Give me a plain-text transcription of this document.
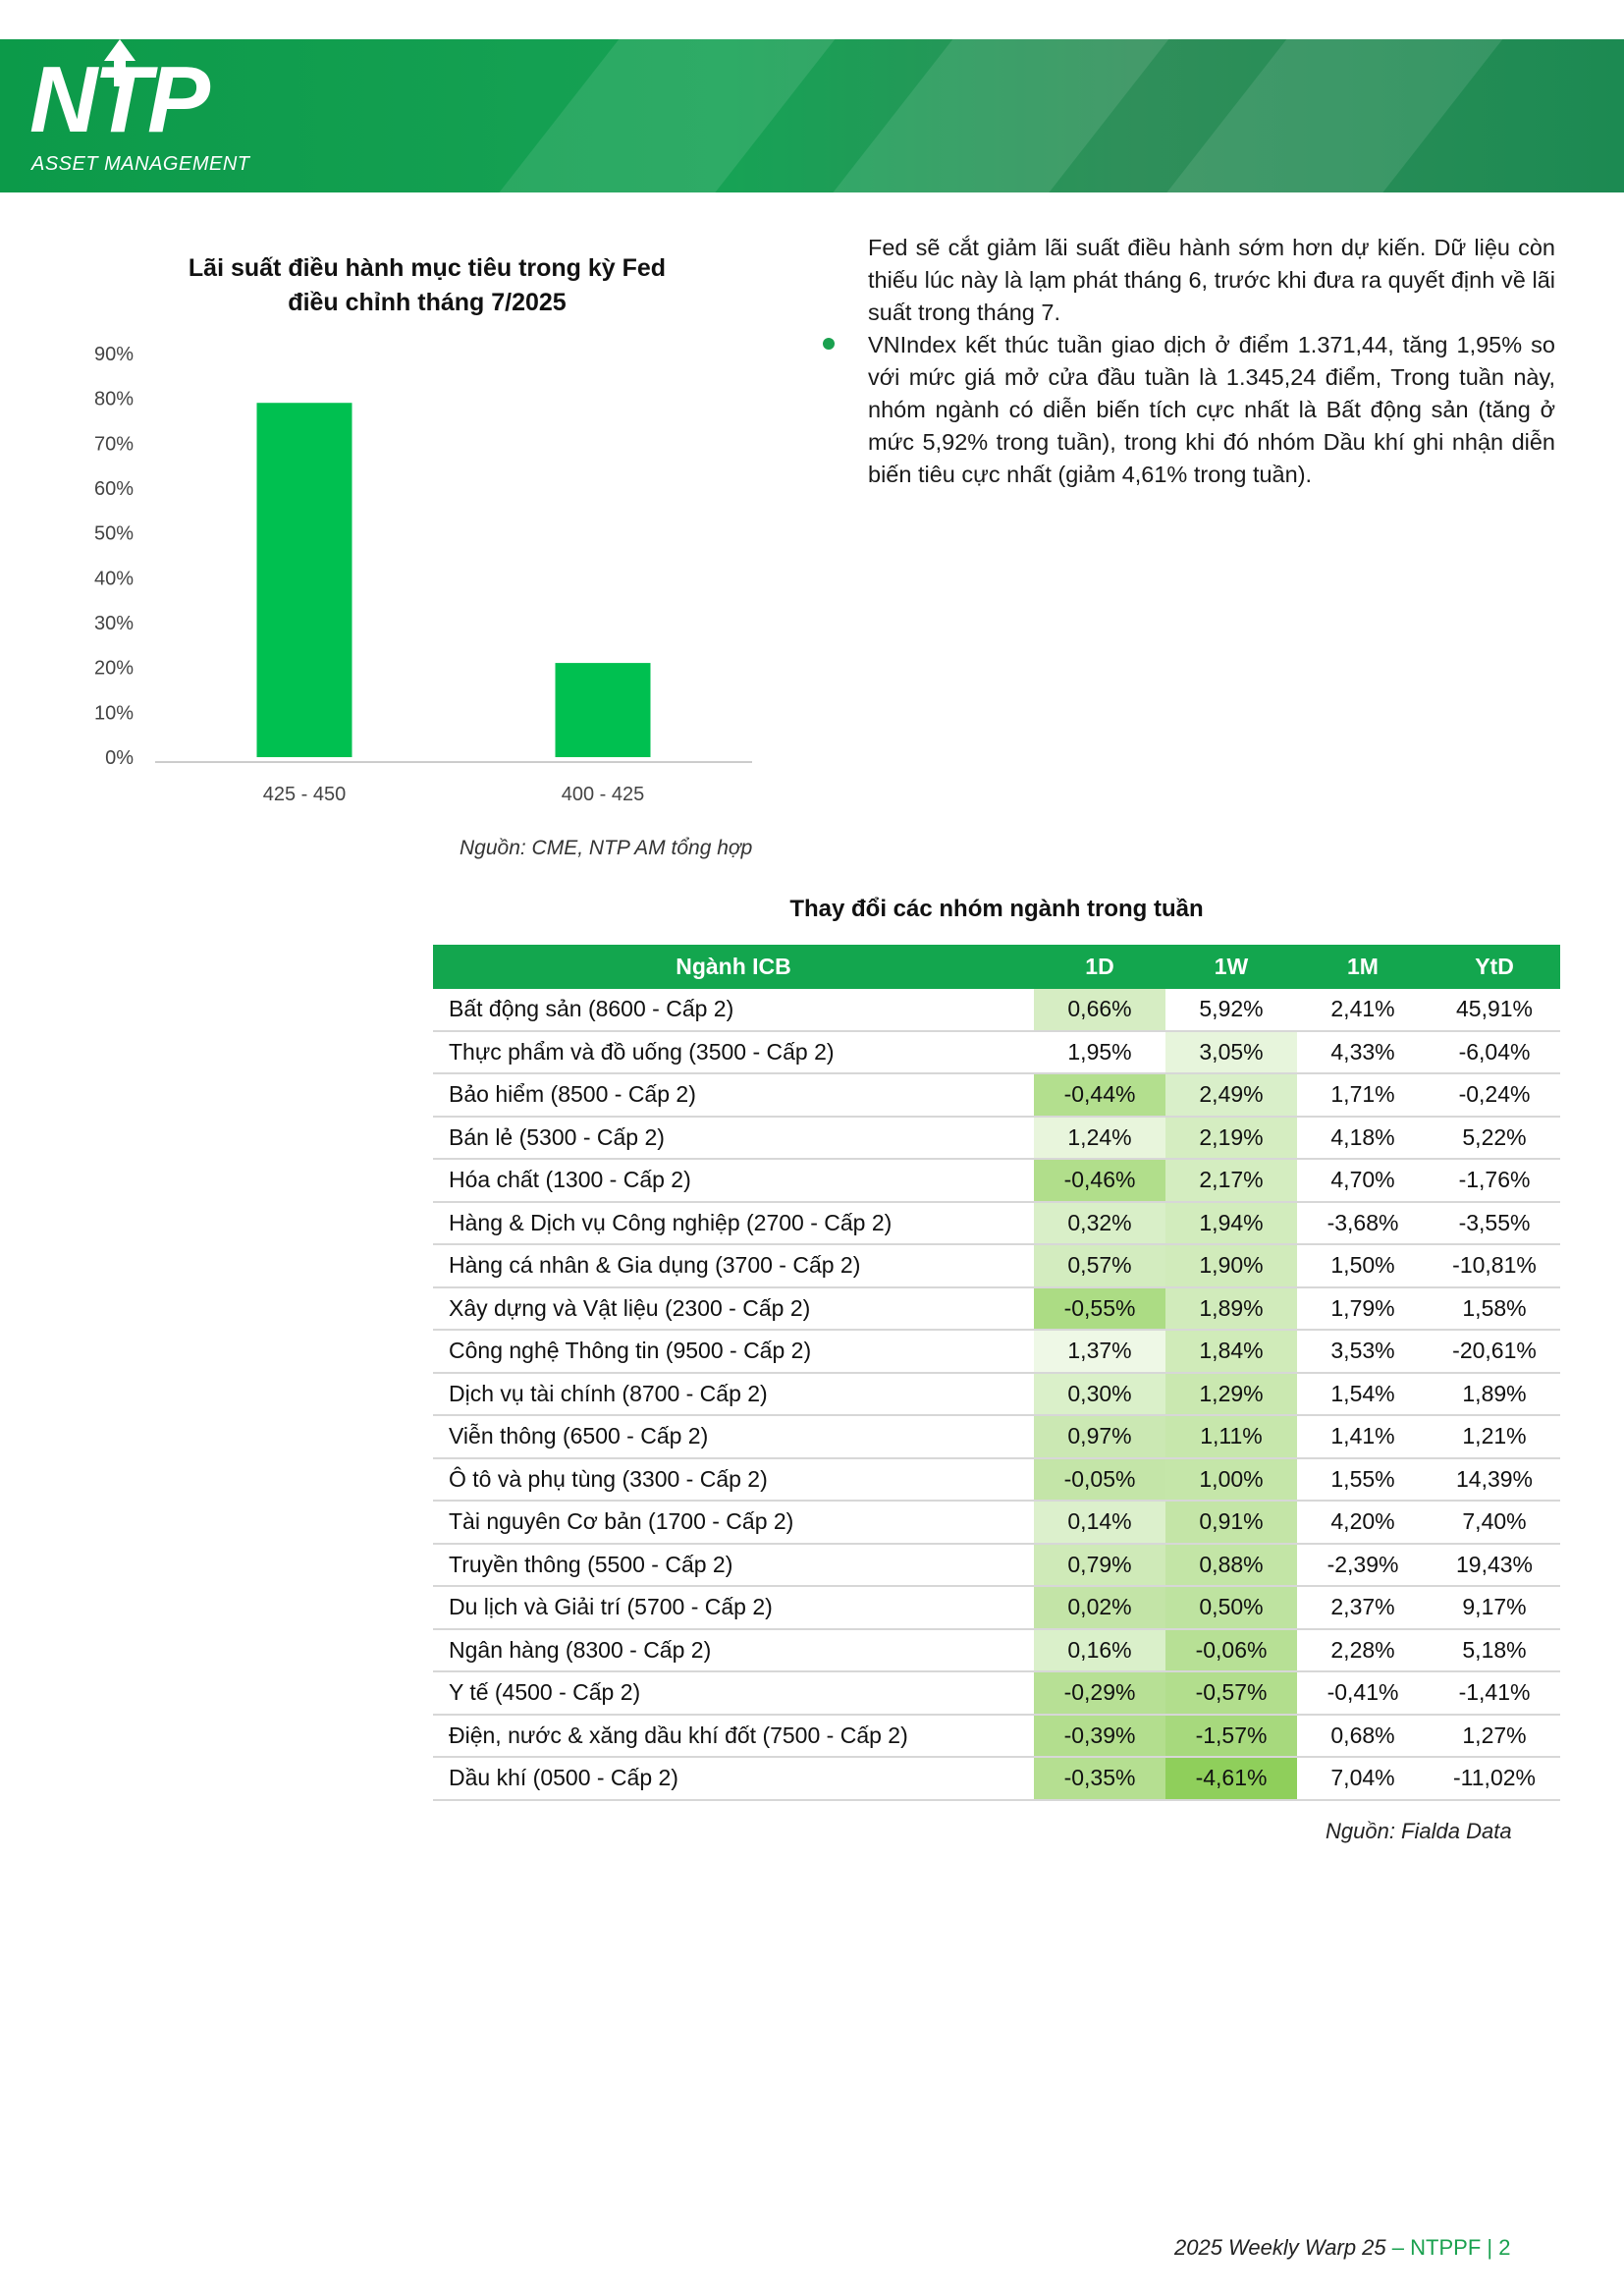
NTP
ASSET MANAGEMENT
Lãi suất điều hành mục tiêu trong kỳ Fed
điều chỉnh tháng 7/2025
0%
10%
20%
30%
40%
50%
60%
70%
80%
90%
425 - 450	400 - 425
Nguồn: CME, NTP AM tổng hợp

Fed sẽ cắt giảm lãi suất điều hành sớm hơn dự kiến. Dữ liệu còn thiếu lúc này là lạm phát tháng 6, trước khi đưa ra quyết định về lãi suất trong tháng 7.

VNIndex kết thúc tuần giao dịch ở điểm 1.371,44, tăng 1,95% so với mức giá mở cửa đầu tuần là 1.345,24 điểm, Trong tuần này, nhóm ngành có diễn biến tích cực nhất là Bất động sản (tăng ở mức 5,92% trong tuần), trong khi đó nhóm Dầu khí ghi nhận diễn biến tiêu cực nhất (giảm 4,61% trong tuần).

Thay đổi các nhóm ngành trong tuần
Ngành ICB	1D	1W	1M	YtD
Bất động sản (8600 - Cấp 2)	0,66%	5,92%	2,41%	45,91%
Thực phẩm và đồ uống (3500 - Cấp 2)	1,95%	3,05%	4,33%	-6,04%
Bảo hiểm (8500 - Cấp 2)	-0,44%	2,49%	1,71%	-0,24%
Bán lẻ (5300 - Cấp 2)	1,24%	2,19%	4,18%	5,22%
Hóa chất (1300 - Cấp 2)	-0,46%	2,17%	4,70%	-1,76%
Hàng & Dịch vụ Công nghiệp (2700 - Cấp 2)	0,32%	1,94%	-3,68%	-3,55%
Hàng cá nhân & Gia dụng (3700 - Cấp 2)	0,57%	1,90%	1,50%	-10,81%
Xây dựng và Vật liệu (2300 - Cấp 2)	-0,55%	1,89%	1,79%	1,58%
Công nghệ Thông tin (9500 - Cấp 2)	1,37%	1,84%	3,53%	-20,61%
Dịch vụ tài chính (8700 - Cấp 2)	0,30%	1,29%	1,54%	1,89%
Viễn thông (6500 - Cấp 2)	0,97%	1,11%	1,41%	1,21%
Ô tô và phụ tùng (3300 - Cấp 2)	-0,05%	1,00%	1,55%	14,39%
Tài nguyên Cơ bản (1700 - Cấp 2)	0,14%	0,91%	4,20%	7,40%
Truyền thông (5500 - Cấp 2)	0,79%	0,88%	-2,39%	19,43%
Du lịch và Giải trí (5700 - Cấp 2)	0,02%	0,50%	2,37%	9,17%
Ngân hàng (8300 - Cấp 2)	0,16%	-0,06%	2,28%	5,18%
Y tế (4500 - Cấp 2)	-0,29%	-0,57%	-0,41%	-1,41%
Điện, nước & xăng dầu khí đốt (7500 - Cấp 2)	-0,39%	-1,57%	0,68%	1,27%
Dầu khí (0500 - Cấp 2)	-0,35%	-4,61%	7,04%	-11,02%
Nguồn: Fialda Data
2025 Weekly Warp 25 – NTPPF | 2
